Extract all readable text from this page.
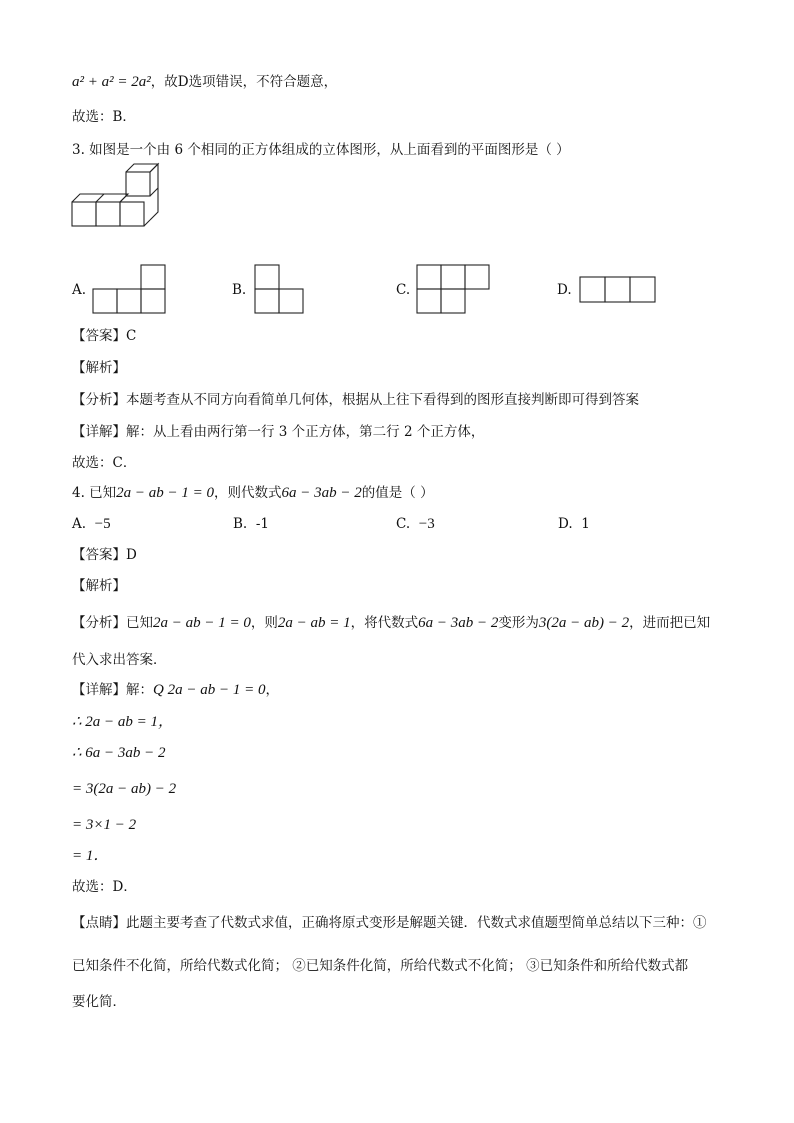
a² + a² = 2a²，故D选项错误，不符合题意，
故选：B．
3. 如图是一个由 6 个相同的正方体组成的立体图形，从上面看到的平面图形是（ ）
A.	B.	C.	D.
【答案】C
【解析】
【分析】本题考查从不同方向看简单几何体，根据从上往下看得到的图形直接判断即可得到答案
【详解】解：从上看由两行第一行 3 个正方体，第二行 2 个正方体，
故选：C．
4. 已知2a − ab − 1 = 0，则代数式6a − 3ab − 2的值是（ ）
A. −5	B. -1	C. −3	D. 1
【答案】D
【解析】
【分析】已知2a − ab − 1 = 0，则2a − ab = 1，将代数式6a − 3ab − 2变形为3(2a − ab) − 2，进而把已知
代入求出答案．
【详解】解：Q 2a − ab − 1 = 0，
∴ 2a − ab = 1，
∴ 6a − 3ab − 2
= 3(2a − ab) − 2
= 3×1 − 2
= 1．
故选：D．
【点睛】此题主要考查了代数式求值，正确将原式变形是解题关键．代数式求值题型简单总结以下三种：①
已知条件不化简，所给代数式化简； ②已知条件化简，所给代数式不化简； ③已知条件和所给代数式都
要化简．
